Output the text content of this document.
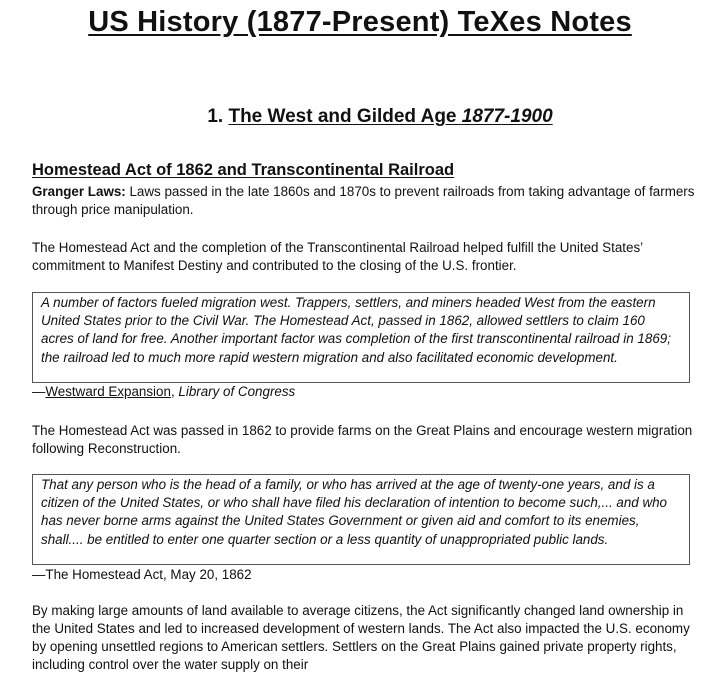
US History (1877-Present) TeXes Notes
1. The West and Gilded Age 1877-1900
Homestead Act of 1862 and Transcontinental Railroad
Granger Laws: Laws passed in the late 1860s and 1870s to prevent railroads from taking advantage of farmers through price manipulation.
The Homestead Act and the completion of the Transcontinental Railroad helped fulfill the United States’ commitment to Manifest Destiny and contributed to the closing of the U.S. frontier.
A number of factors fueled migration west. Trappers, settlers, and miners headed West from the eastern United States prior to the Civil War. The Homestead Act, passed in 1862, allowed settlers to claim 160 acres of land for free. Another important factor was completion of the first transcontinental railroad in 1869; the railroad led to much more rapid western migration and also facilitated economic development.
—Westward Expansion, Library of Congress
The Homestead Act was passed in 1862 to provide farms on the Great Plains and encourage western migration following Reconstruction.
That any person who is the head of a family, or who has arrived at the age of twenty-one years, and is a citizen of the United States, or who shall have filed his declaration of intention to become such,... and who has never borne arms against the United States Government or given aid and comfort to its enemies, shall.... be entitled to enter one quarter section or a less quantity of unappropriated public lands.
—The Homestead Act, May 20, 1862
By making large amounts of land available to average citizens, the Act significantly changed land ownership in the United States and led to increased development of western lands. The Act also impacted the U.S. economy by opening unsettled regions to American settlers. Settlers on the Great Plains gained private property rights, including control over the water supply on their
